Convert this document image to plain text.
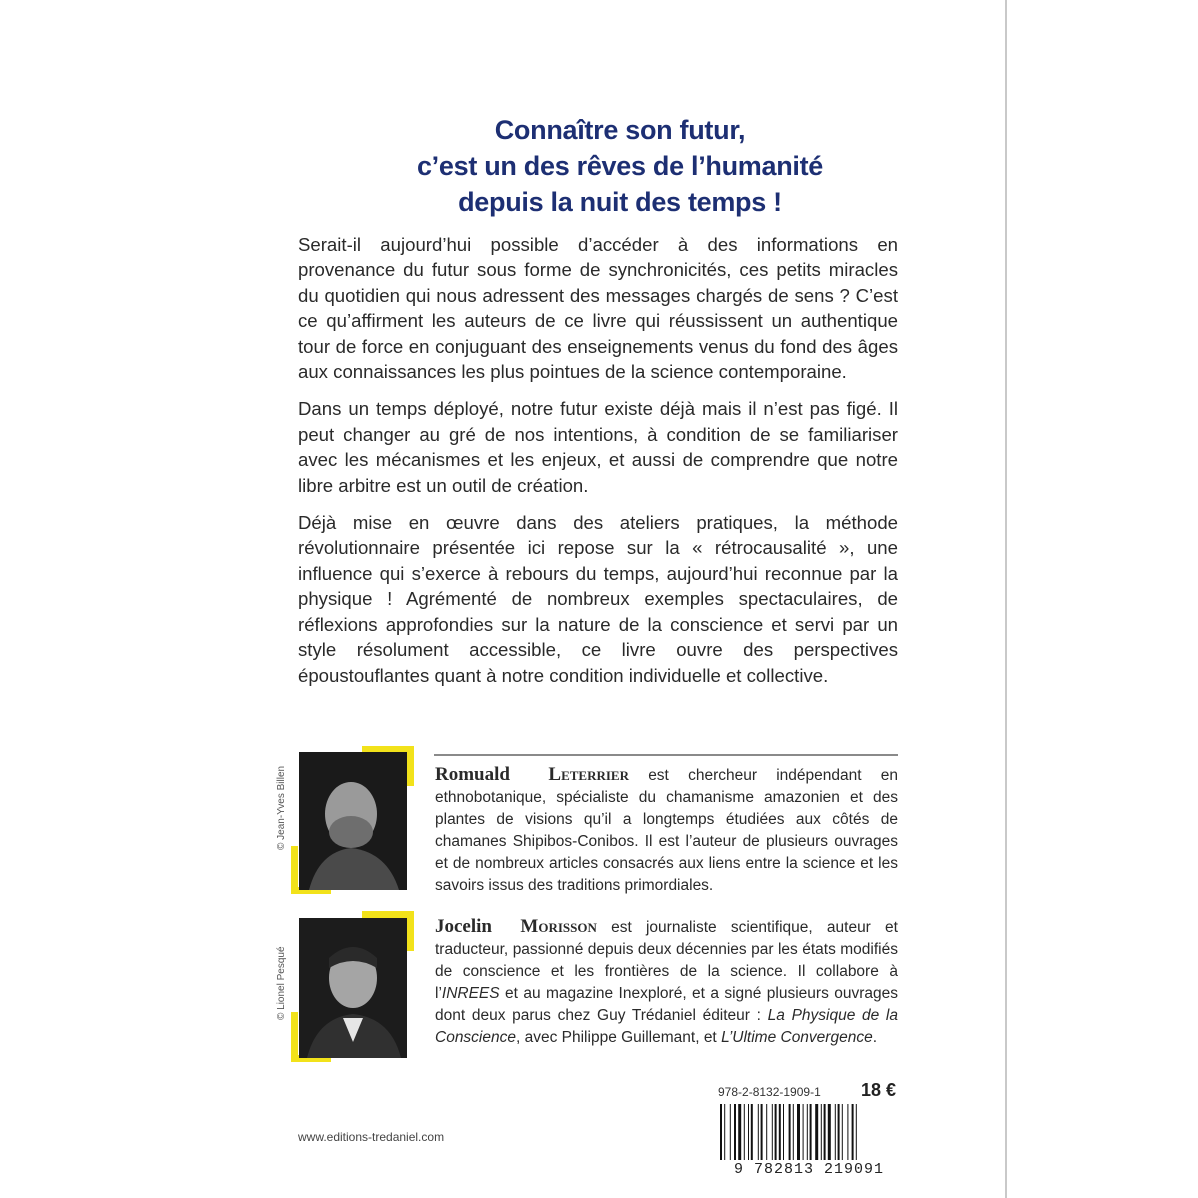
Connaître son futur,
c’est un des rêves de l’humanité
depuis la nuit des temps !

Serait-il aujourd’hui possible d’accéder à des informations en provenance du futur sous forme de synchronicités, ces petits miracles du quotidien qui nous adressent des messages chargés de sens ? C’est ce qu’affirment les auteurs de ce livre qui réussissent un authentique tour de force en conjuguant des enseignements venus du fond des âges aux connaissances les plus pointues de la science contemporaine.

Dans un temps déployé, notre futur existe déjà mais il n’est pas figé. Il peut changer au gré de nos intentions, à condition de se familiariser avec les mécanismes et les enjeux, et aussi de comprendre que notre libre arbitre est un outil de création.

Déjà mise en œuvre dans des ateliers pratiques, la méthode révolutionnaire présentée ici repose sur la « rétrocausalité », une influence qui s’exerce à rebours du temps, aujourd’hui reconnue par la physique ! Agrémenté de nombreux exemples spectaculaires, de réflexions approfondies sur la nature de la conscience et servi par un style résolument accessible, ce livre ouvre des perspectives époustouflantes quant à notre condition individuelle et collective.

© Jean-Yves Billen	Romuald Leterrier est chercheur indépendant en ethnobotanique, spécialiste du chamanisme amazonien et des plantes de visions qu’il a longtemps étudiées aux côtés de chamanes Shipibos-Conibos. Il est l’auteur de plusieurs ouvrages et de nombreux articles consacrés aux liens entre la science et les savoirs issus des traditions primordiales.
© Lionel Pesqué
Jocelin Morisson est journaliste scientifique, auteur et traducteur, passionné depuis deux décennies par les états modifiés de conscience et les frontières de la science. Il collabore à l’INREES et au magazine Inexploré, et a signé plusieurs ouvrages dont deux parus chez Guy Trédaniel éditeur : La Physique de la Conscience, avec Philippe Guillemant, et L’Ultime Convergence.
978-2-8132-1909-1	18 €
9 782813 219091
www.editions-tredaniel.com
